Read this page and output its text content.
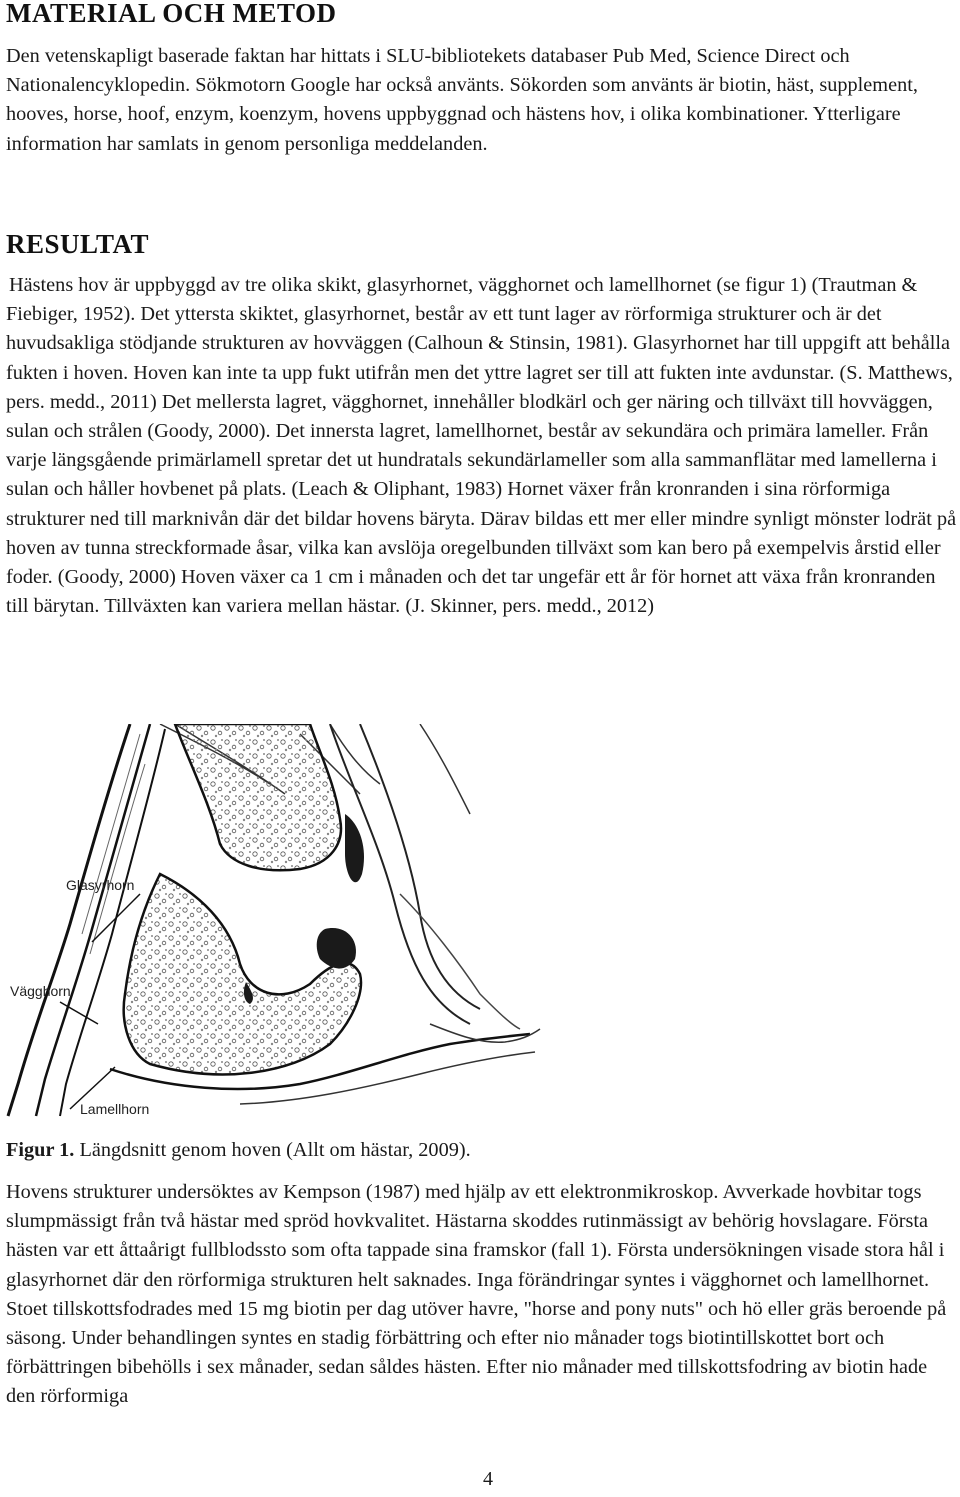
MATERIAL OCH METOD

Den vetenskapligt baserade faktan har hittats i SLU-bibliotekets databaser Pub Med, Science Direct och Nationalencyklopedin. Sökmotorn Google har också använts. Sökorden som använts är biotin, häst, supplement, hooves, horse, hoof, enzym, koenzym, hovens uppbyggnad och hästens hov, i olika kombinationer. Ytterligare information har samlats in genom personliga meddelanden.

RESULTAT

Hästens hov är uppbyggd av tre olika skikt, glasyrhornet, vägghornet och lamellhornet (se figur 1) (Trautman & Fiebiger, 1952). Det yttersta skiktet, glasyrhornet, består av ett tunt lager av rörformiga strukturer och är det huvudsakliga stödjande strukturen av hovväggen (Calhoun & Stinsin, 1981). Glasyrhornet har till uppgift att behålla fukten i hoven. Hoven kan inte ta upp fukt utifrån men det yttre lagret ser till att fukten inte avdunstar. (S. Matthews, pers. medd., 2011) Det mellersta lagret, vägghornet, innehåller blodkärl och ger näring och tillväxt till hovväggen, sulan och strålen (Goody, 2000). Det innersta lagret, lamellhornet, består av sekundära och primära lameller. Från varje längsgående primärlamell spretar det ut hundratals sekundärlameller som alla sammanflätar med lamellerna i sulan och håller hovbenet på plats. (Leach & Oliphant, 1983) Hornet växer från kronranden i sina rörformiga strukturer ned till marknivån där det bildar hovens bäryta. Därav bildas ett mer eller mindre synligt mönster lodrät på hoven av tunna streckformade åsar, vilka kan avslöja oregelbunden tillväxt som kan bero på exempelvis årstid eller foder. (Goody, 2000) Hoven växer ca 1 cm i månaden och det tar ungefär ett år för hornet att växa från kronranden till bärytan. Tillväxten kan variera mellan hästar. (J. Skinner, pers. medd., 2012)

Glasyrhorn
Vägghorn
Lamellhorn

Figur 1. Längdsnitt genom hoven (Allt om hästar, 2009).

Hovens strukturer undersöktes av Kempson (1987) med hjälp av ett elektronmikroskop. Avverkade hovbitar togs slumpmässigt från två hästar med spröd hovkvalitet. Hästarna skoddes rutinmässigt av behörig hovslagare. Första hästen var ett åttaårigt fullblodssto som ofta tappade sina framskor (fall 1). Första undersökningen visade stora hål i glasyrhornet där den rörformiga strukturen helt saknades. Inga förändringar syntes i vägghornet och lamellhornet. Stoet tillskottsfodrades med 15 mg biotin per dag utöver havre, "horse and pony nuts" och hö eller gräs beroende på säsong. Under behandlingen syntes en stadig förbättring och efter nio månader togs biotintillskottet bort och förbättringen bibehölls i sex månader, sedan såldes hästen. Efter nio månader med tillskottsfodring av biotin hade den rörformiga

4
